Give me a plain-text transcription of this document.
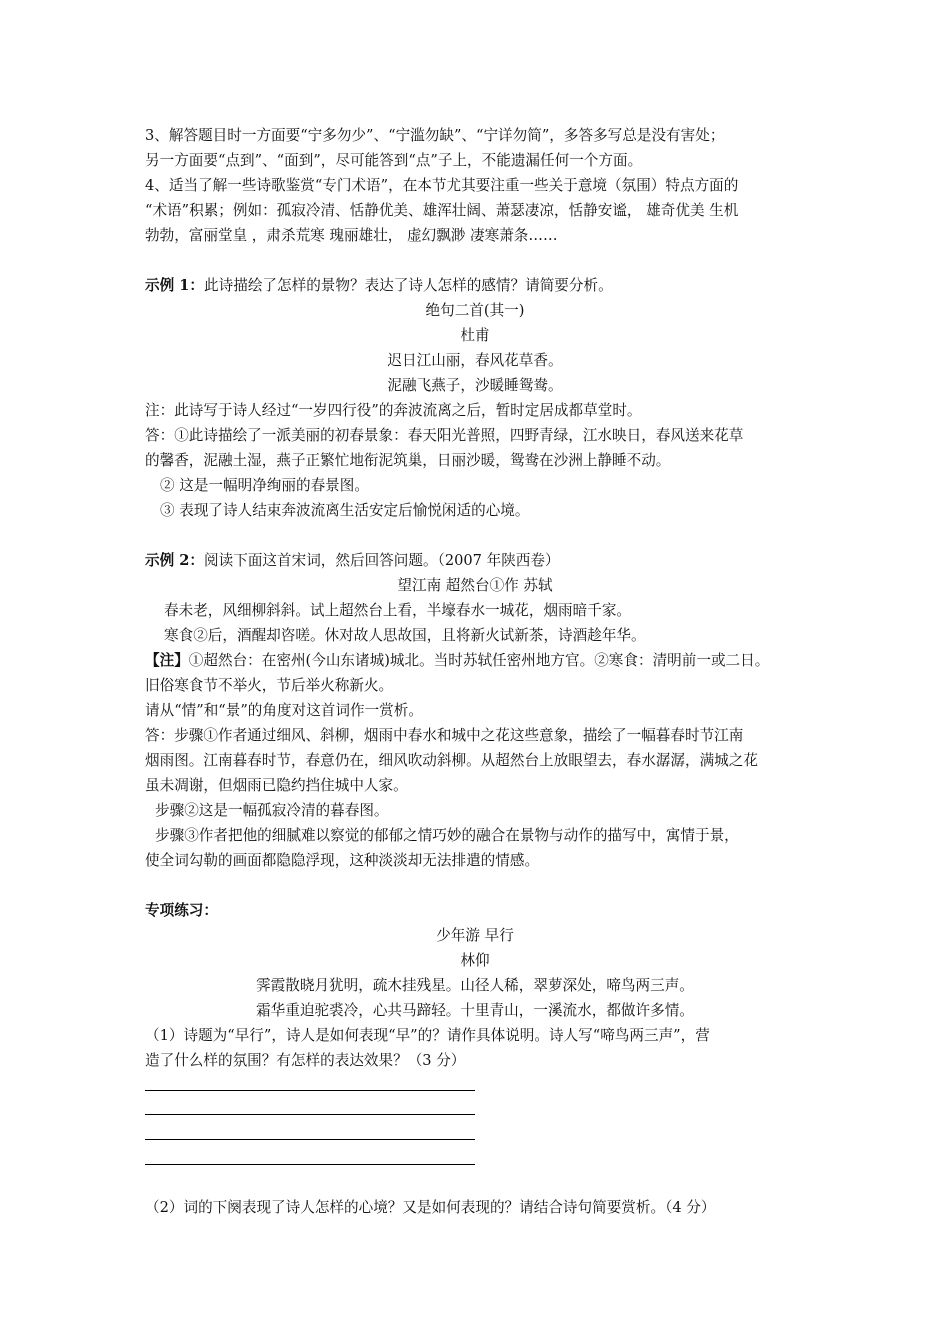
3、解答题目时一方面要“宁多勿少”、“宁滥勿缺”、“宁详勿简”，多答多写总是没有害处；
另一方面要“点到”、“面到”，尽可能答到“点”子上，不能遗漏任何一个方面。
4、适当了解一些诗歌鉴赏“专门术语”，在本节尤其要注重一些关于意境（氛围）特点方面的
“术语”积累；例如：孤寂冷清、恬静优美、雄浑壮阔、萧瑟凄凉，恬静安谧， 雄奇优美 生机
勃勃，富丽堂皇 ，肃杀荒寒 瑰丽雄壮， 虚幻飘渺 凄寒萧条……
示例 1：此诗描绘了怎样的景物？表达了诗人怎样的感情？请简要分析。
绝句二首(其一)
杜甫
迟日江山丽，春风花草香。
泥融飞燕子，沙暖睡鸳鸯。
注：此诗写于诗人经过“一岁四行役”的奔波流离之后，暂时定居成都草堂时。
答：①此诗描绘了一派美丽的初春景象：春天阳光普照，四野青绿，江水映日，春风送来花草
的馨香，泥融土湿，燕子正繁忙地衔泥筑巢，日丽沙暖，鸳鸯在沙洲上静睡不动。
② 这是一幅明净绚丽的春景图。
③ 表现了诗人结束奔波流离生活安定后愉悦闲适的心境。
示例 2：阅读下面这首宋词，然后回答问题。（2007 年陕西卷）
望江南 超然台①作 苏轼
春未老，风细柳斜斜。试上超然台上看，半壕春水一城花，烟雨暗千家。
寒食②后，酒醒却咨嗟。休对故人思故国，且将新火试新茶，诗酒趁年华。
【注】①超然台：在密州(今山东诸城)城北。当时苏轼任密州地方官。②寒食：清明前一或二日。
旧俗寒食节不举火，节后举火称新火。
请从“情”和“景”的角度对这首词作一赏析。
答：步骤①作者通过细风、斜柳，烟雨中春水和城中之花这些意象，描绘了一幅暮春时节江南
烟雨图。江南暮春时节，春意仍在，细风吹动斜柳。从超然台上放眼望去，春水潺潺，满城之花
虽未凋谢，但烟雨已隐约挡住城中人家。
步骤②这是一幅孤寂冷清的暮春图。
步骤③作者把他的细腻难以察觉的郁郁之情巧妙的融合在景物与动作的描写中，寓情于景，
使全词勾勒的画面都隐隐浮现，这种淡淡却无法排遣的情感。
专项练习：
少年游 早行
林仰
霁霞散晓月犹明，疏木挂残星。山径人稀，翠萝深处，啼鸟两三声。
霜华重迫驼裘冷，心共马蹄轻。十里青山，一溪流水，都做许多情。
（1）诗题为“早行”，诗人是如何表现“早”的？请作具体说明。诗人写“啼鸟两三声”，营
造了什么样的氛围？有怎样的表达效果？（3 分）
（2）词的下阕表现了诗人怎样的心境？又是如何表现的？请结合诗句简要赏析。（4 分）
